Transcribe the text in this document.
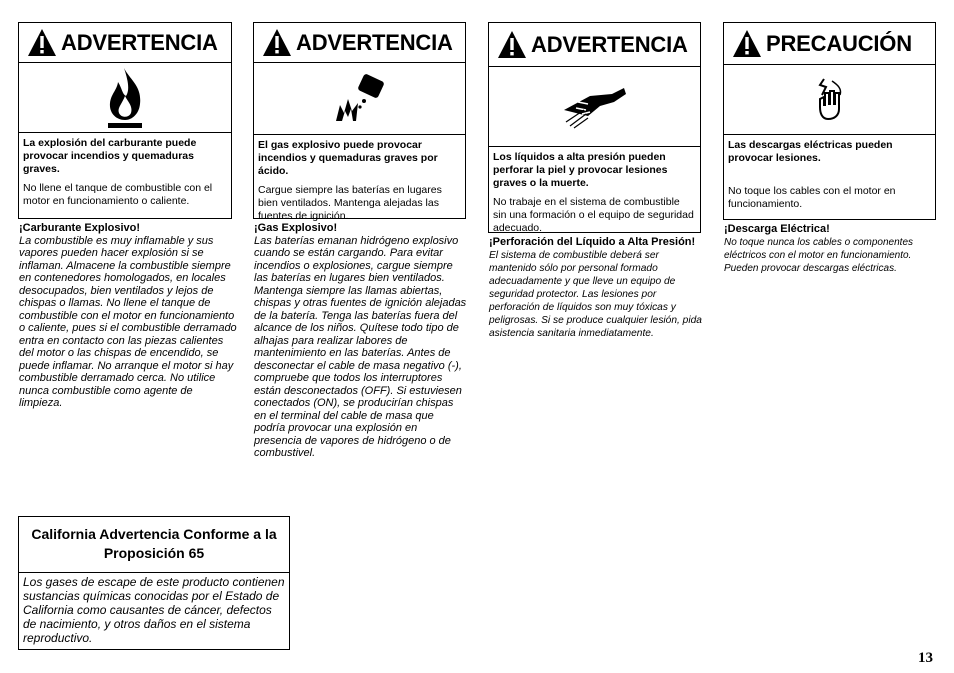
ADVERTENCIA
La explosión del carburante puede provocar incendios y quemaduras graves.
No llene el tanque de combustible con el motor en funcionamiento o caliente.
ADVERTENCIA
El gas explosivo puede provocar incendios y quemaduras graves por ácido.
Cargue siempre las baterías en lugares bien ventilados. Mantenga alejadas las fuentes de ignición.
ADVERTENCIA
Los líquidos a alta presión pueden perforar la piel y provocar lesiones graves o la muerte.
No trabaje en el sistema de combustible sin una formación o el equipo de seguridad adecuado.
PRECAUCIÓN
Las descargas eléctricas pueden provocar lesiones.
No toque los cables con el motor en funcionamiento.
¡Carburante Explosivo!
La combustible es muy inflamable y sus vapores pueden hacer explosión si se inflaman. Almacene la combustible siempre en contenedores homologados, en locales desocupados, bien ventilados y lejos de chispas o llamas. No llene el tanque de combustible con el motor en funcionamiento o caliente, pues si el combustible derramado entra en contacto con las piezas calientes del motor o las chispas de encendido, se puede inflamar. No arranque el motor si hay combustible derramado cerca. No utilice nunca combustible como agente de limpieza.
¡Gas Explosivo!
Las baterías emanan hidrógeno explosivo cuando se están cargando. Para evitar incendios o explosiones, cargue siempre las baterías en lugares bien ventilados. Mantenga siempre las llamas abiertas, chispas y otras fuentes de ignición alejadas de la batería. Tenga las baterías fuera del alcance de los niños. Quítese todo tipo de alhajas para realizar labores de mantenimiento en las baterías. Antes de desconectar el cable de masa negativo (-), compruebe que todos los interruptores están desconectados (OFF). Si estuviesen conectados (ON), se producirían chispas en el terminal del cable de masa que podría provocar una explosión en presencia de vapores de hidrógeno o de combustivel.
¡Perforación del Líquido a Alta Presión!
El sistema de combustible deberá ser mantenido sólo por personal formado adecuadamente y que lleve un equipo de seguridad protector. Las lesiones por perforación de líquidos son muy tóxicas y peligrosas. Si se produce cualquier lesión, pida asistencia sanitaria inmediatamente.
¡Descarga Eléctrica!
No toque nunca los cables o componentes eléctricos con el motor en funcionamiento. Pueden provocar descargas eléctricas.
California Advertencia Conforme a la Proposición 65
Los gases de escape de este producto contienen sustancias químicas conocidas por el Estado de California como causantes de cáncer, defectos de nacimiento, y otros daños en el sistema reproductivo.
13
